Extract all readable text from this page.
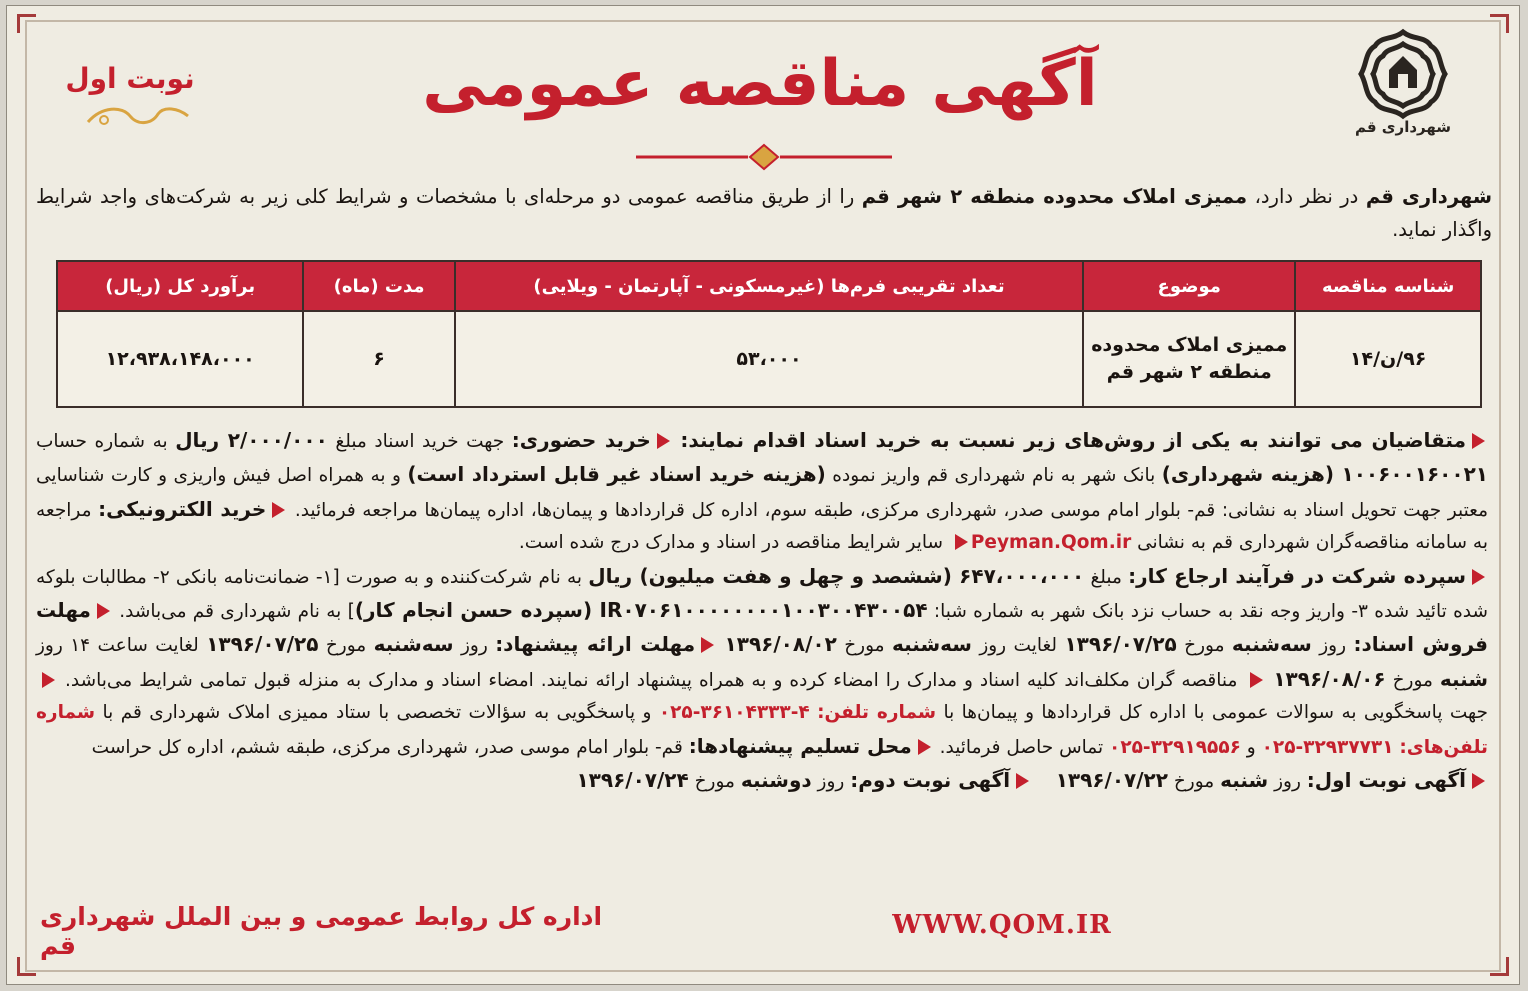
شهرداری قم
آگهی مناقصه عمومی
نوبت اول
شهرداری قم در نظر دارد، ممیزی املاک محدوده منطقه ۲ شهر قم را از طریق مناقصه عمومی دو مرحله‌ای با مشخصات و شرایط کلی زیر به شرکت‌های واجد شرایط واگذار نماید.
شناسه مناقصه	موضوع	تعداد تقریبی فرم‌ها (غیرمسکونی - آپارتمان - ویلایی)	مدت (ماه)	برآورد کل (ریال)
۹۶/ن/۱۴	ممیزی املاک محدوده منطقه ۲ شهر قم	۵۳،۰۰۰	۶	۱۲،۹۳۸،۱۴۸،۰۰۰

متقاضیان می توانند به یکی از روش‌های زیر نسبت به خرید اسناد اقدام نمایند: خرید حضوری: جهت خرید اسناد مبلغ ۲/۰۰۰/۰۰۰ ریال به شماره حساب ۱۰۰۶۰۰۱۶۰۰۲۱ (هزینه شهرداری) بانک شهر به نام شهرداری قم واریز نموده (هزینه خرید اسناد غیر قابل استرداد است) و به همراه اصل فیش واریزی و کارت شناسایی معتبر جهت تحویل اسناد به نشانی: قم- بلوار امام موسی صدر، شهرداری مرکزی، طبقه سوم، اداره کل قراردادها و پیمان‌ها، اداره پیمان‌ها مراجعه فرمائید. خرید الکترونیکی: مراجعه به سامانه مناقصه‌گران شهرداری قم به نشانی Peyman.Qom.ir سایر شرایط مناقصه در اسناد و مدارک درج شده است.

سپرده شرکت در فرآیند ارجاع کار: مبلغ ۶۴۷،۰۰۰،۰۰۰ (ششصد و چهل و هفت میلیون) ریال به نام شرکت‌کننده و به صورت [۱- ضمانت‌نامه بانکی ۲- مطالبات بلوکه شده تائید شده ۳- واریز وجه نقد به حساب نزد بانک شهر به شماره شبا: IR۰۷۰۶۱۰۰۰۰۰۰۰۰۱۰۰۳۰۰۴۳۰۰۵۴ (سپرده حسن انجام کار)] به نام شهرداری قم می‌باشد. مهلت فروش اسناد: روز سه‌شنبه مورخ ۱۳۹۶/۰۷/۲۵ لغایت روز سه‌شنبه مورخ ۱۳۹۶/۰۸/۰۲ مهلت ارائه پیشنهاد: روز سه‌شنبه مورخ ۱۳۹۶/۰۷/۲۵ لغایت ساعت ۱۴ روز شنبه مورخ ۱۳۹۶/۰۸/۰۶  مناقصه گران مکلف‌اند کلیه اسناد و مدارک را امضاء کرده و به همراه پیشنهاد ارائه نمایند. امضاء اسناد و مدارک به منزله قبول تمامی شرایط می‌باشد.  جهت پاسخگویی به سوالات عمومی با اداره کل قراردادها و پیمان‌ها با شماره تلفن: ۰۲۵-۳۶۱۰۴۳۳۳-۴ و پاسخگویی به سؤالات تخصصی با ستاد ممیزی املاک شهرداری قم با شماره تلفن‌های: ۰۲۵-۳۲۹۳۷۷۳۱ و ۰۲۵-۳۲۹۱۹۵۵۶ تماس حاصل فرمائید. محل تسلیم پیشنهادها: قم- بلوار امام موسی صدر، شهرداری مرکزی، طبقه ششم، اداره کل حراست

آگهی نوبت اول: روز شنبه مورخ ۱۳۹۶/۰۷/۲۲    آگهی نوبت دوم: روز دوشنبه مورخ ۱۳۹۶/۰۷/۲۴

اداره کل روابط عمومی و بین الملل شهرداری قم
WWW.QOM.IR
